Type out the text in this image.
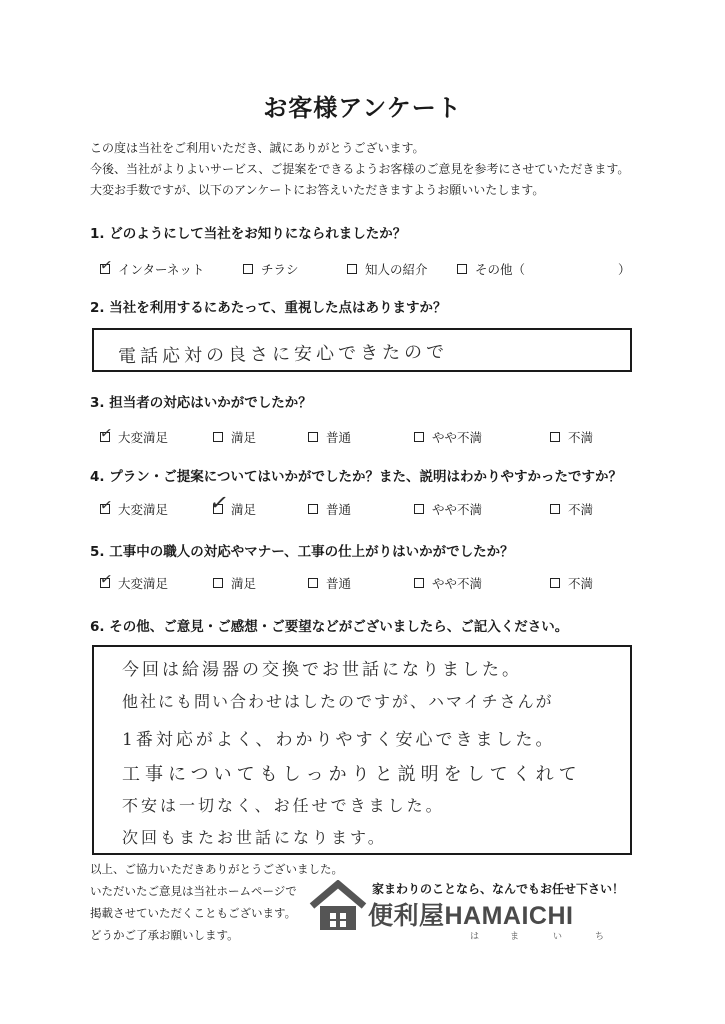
お客様アンケート
この度は当社をご利用いただき、誠にありがとうございます。
今後、当社がよりよいサービス、ご提案をできるようお客様のご意見を参考にさせていただきます。
大変お手数ですが、以下のアンケートにお答えいただきますようお願いいたします。
1. どのようにして当社をお知りになられましたか？
✓ インターネット	チラシ	知人の紹介	その他（	）
2. 当社を利用するにあたって、重視した点はありますか？
電話応対の良さに安心できたので
3. 担当者の対応はいかがでしたか？
✓ 大変満足	満足	普通	やや不満	不満
4. プラン・ご提案についてはいかがでしたか？また、説明はわかりやすかったですか？
✓ 大変満足 ✓ 満足	普通	やや不満	不満
5. 工事中の職人の対応やマナー、工事の仕上がりはいかがでしたか？
✓ 大変満足	満足	普通	やや不満	不満
6. その他、ご意見・ご感想・ご要望などがございましたら、ご記入ください。
今回は給湯器の交換でお世話になりました。
他社にも問い合わせはしたのですが、ハマイチさんが
1番対応がよく、わかりやすく安心できました。
工事についてもしっかりと説明をしてくれて
不安は一切なく、お任せできました。
次回もまたお世話になります。
以上、ご協力いただきありがとうございました。
いただいたご意見は当社ホームページで
掲載させていただくこともございます。
どうかご了承お願いします。
家まわりのことなら、なんでもお任せ下さい！
便利屋HAMAICHI
は	ま	い	ち
